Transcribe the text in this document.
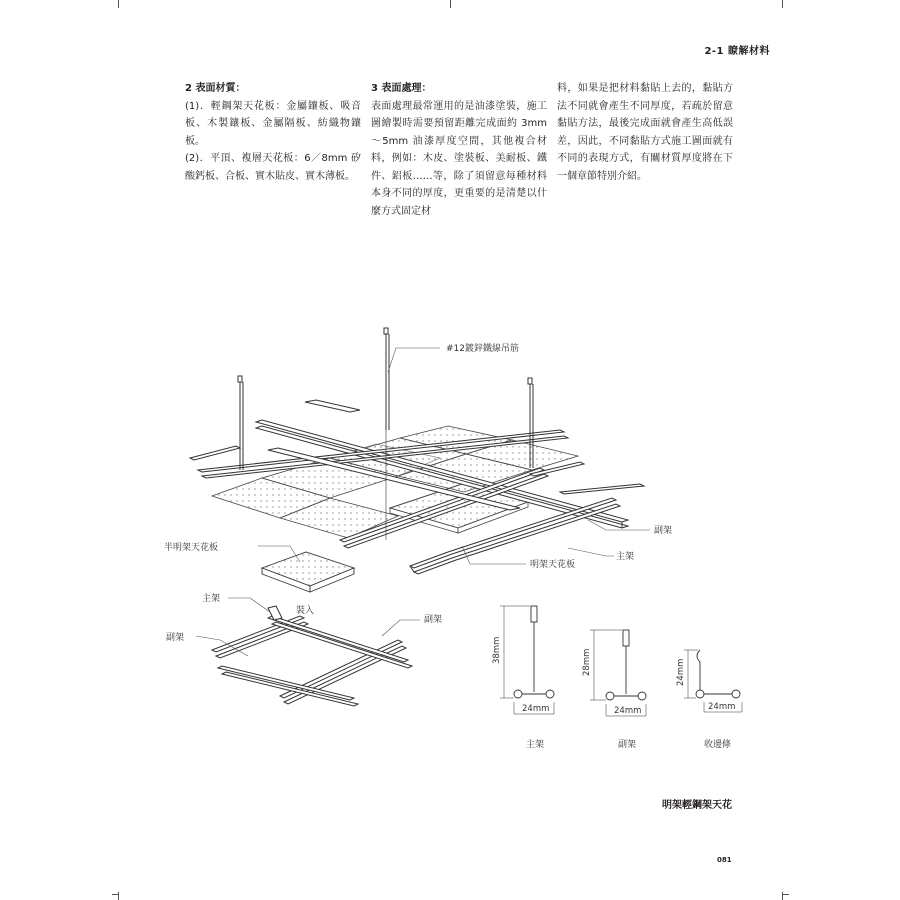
2-1 瞭解材料

2 表面材質：

(1)．輕鋼架天花板：金屬鑲板、吸音板、木製鑲板、金屬隔板、紡織物鑲板。

(2)．平頂、複層天花板：6／8mm 矽酸鈣板、合板、實木貼皮、實木薄板。

3 表面處理：

表面處理最常運用的是油漆塗裝，施工圖繪製時需要預留距離完成面約 3mm～5mm 油漆厚度空間，其他複合材料，例如：木皮、塗裝板、美耐板、鐵件、鋁板……等，除了須留意每種材料本身不同的厚度，更重要的是清楚以什麼方式固定材

料，如果是把材料黏貼上去的，黏貼方法不同就會產生不同厚度，若疏於留意黏貼方法，最後完成面就會產生高低誤差，因此，不同黏貼方式施工圖面就有不同的表現方式，有關材質厚度將在下一個章節特別介紹。

#12鍍鋅鐵線吊筋
半明架天花板
明架天花板
副架
主架
主架
裝入
副架
副架	38mm
24mm
主架
28mm
24mm
副架
24mm
24mm
收邊條
明架輕鋼架天花
081
